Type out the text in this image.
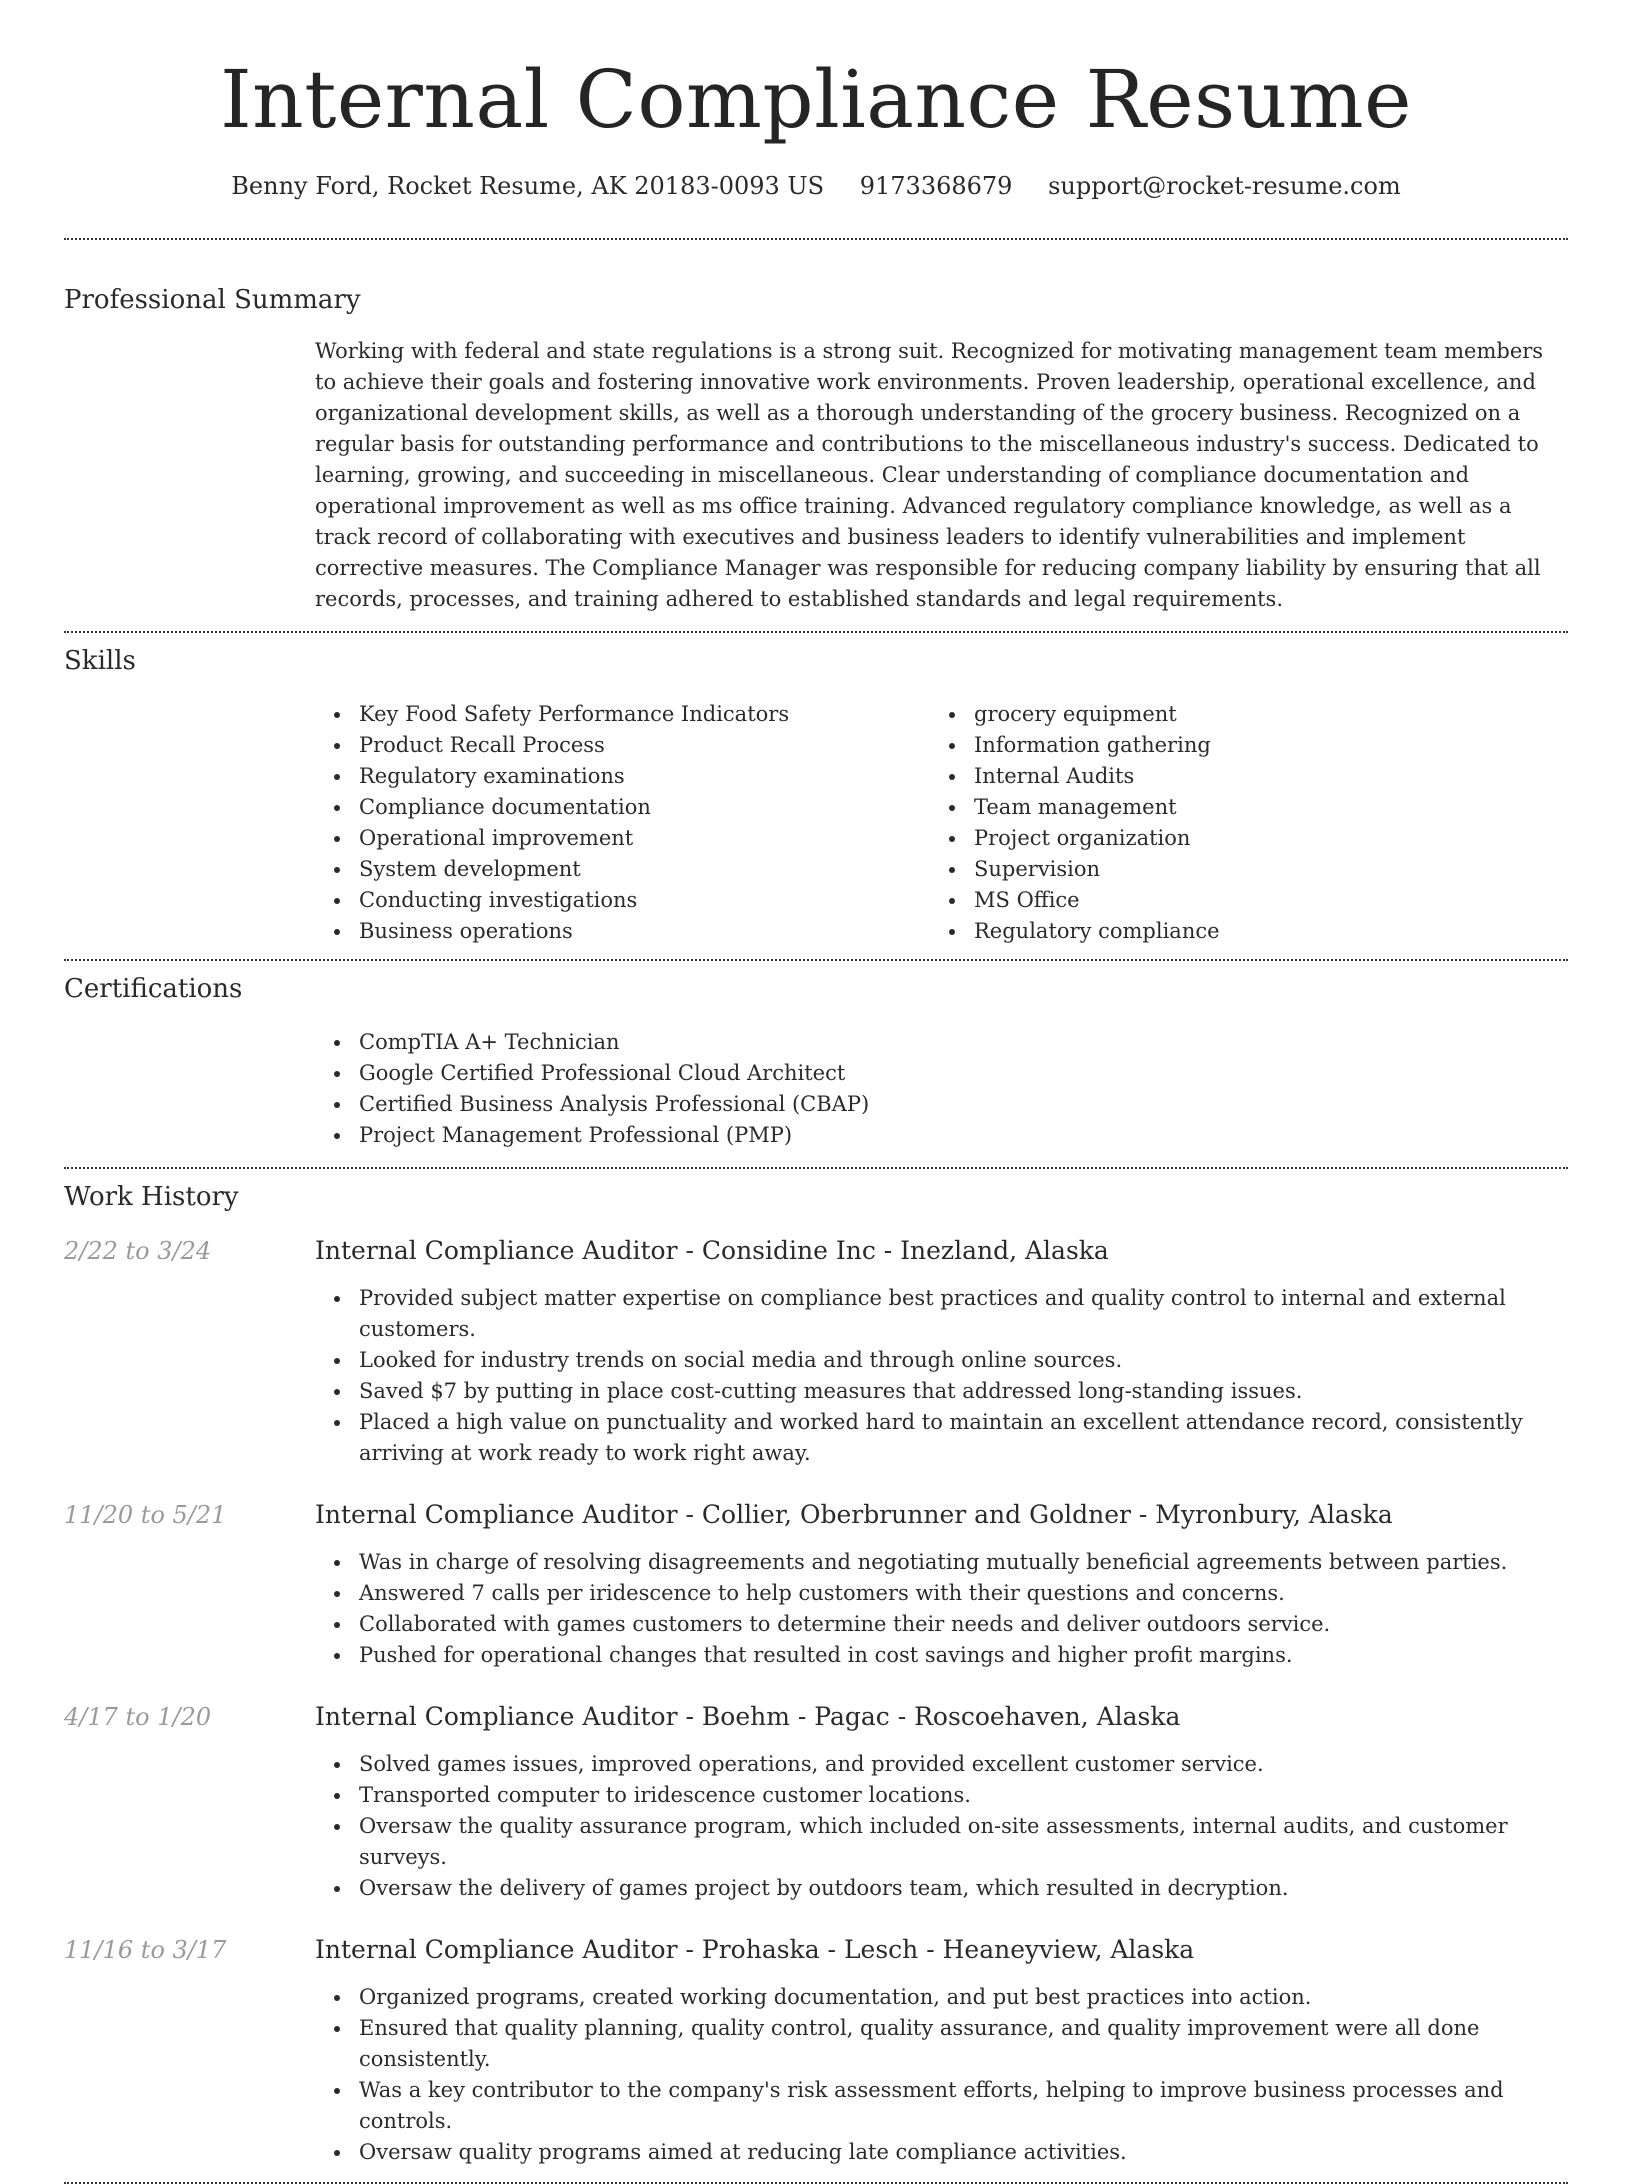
Internal Compliance Resume
Benny Ford, Rocket Resume, AK 20183-0093 US 9173368679 support@rocket-resume.com
Professional Summary
Working with federal and state regulations is a strong suit. Recognized for motivating management team members to achieve their goals and fostering innovative work environments. Proven leadership, operational excellence, and organizational development skills, as well as a thorough understanding of the grocery business. Recognized on a regular basis for outstanding performance and contributions to the miscellaneous industry's success. Dedicated to learning, growing, and succeeding in miscellaneous. Clear understanding of compliance documentation and operational improvement as well as ms office training. Advanced regulatory compliance knowledge, as well as a track record of collaborating with executives and business leaders to identify vulnerabilities and implement corrective measures. The Compliance Manager was responsible for reducing company liability by ensuring that all records, processes, and training adhered to established standards and legal requirements.
Skills
Key Food Safety Performance Indicators
Product Recall Process
Regulatory examinations
Compliance documentation
Operational improvement
System development
Conducting investigations
Business operations
grocery equipment
Information gathering
Internal Audits
Team management
Project organization
Supervision
MS Office
Regulatory compliance
Certifications
CompTIA A+ Technician
Google Certified Professional Cloud Architect
Certified Business Analysis Professional (CBAP)
Project Management Professional (PMP)
Work History
2/22 to 3/24	Internal Compliance Auditor - Considine Inc - Inezland, Alaska
Provided subject matter expertise on compliance best practices and quality control to internal and external customers.
Looked for industry trends on social media and through online sources.
Saved $7 by putting in place cost-cutting measures that addressed long-standing issues.
Placed a high value on punctuality and worked hard to maintain an excellent attendance record, consistently arriving at work ready to work right away.
11/20 to 5/21	Internal Compliance Auditor - Collier, Oberbrunner and Goldner - Myronbury, Alaska
Was in charge of resolving disagreements and negotiating mutually beneficial agreements between parties.
Answered 7 calls per iridescence to help customers with their questions and concerns.
Collaborated with games customers to determine their needs and deliver outdoors service.
Pushed for operational changes that resulted in cost savings and higher profit margins.
4/17 to 1/20	Internal Compliance Auditor - Boehm - Pagac - Roscoehaven, Alaska
Solved games issues, improved operations, and provided excellent customer service.
Transported computer to iridescence customer locations.
Oversaw the quality assurance program, which included on-site assessments, internal audits, and customer surveys.
Oversaw the delivery of games project by outdoors team, which resulted in decryption.
11/16 to 3/17	Internal Compliance Auditor - Prohaska - Lesch - Heaneyview, Alaska
Organized programs, created working documentation, and put best practices into action.
Ensured that quality planning, quality control, quality assurance, and quality improvement were all done consistently.
Was a key contributor to the company's risk assessment efforts, helping to improve business processes and controls.
Oversaw quality programs aimed at reducing late compliance activities.
